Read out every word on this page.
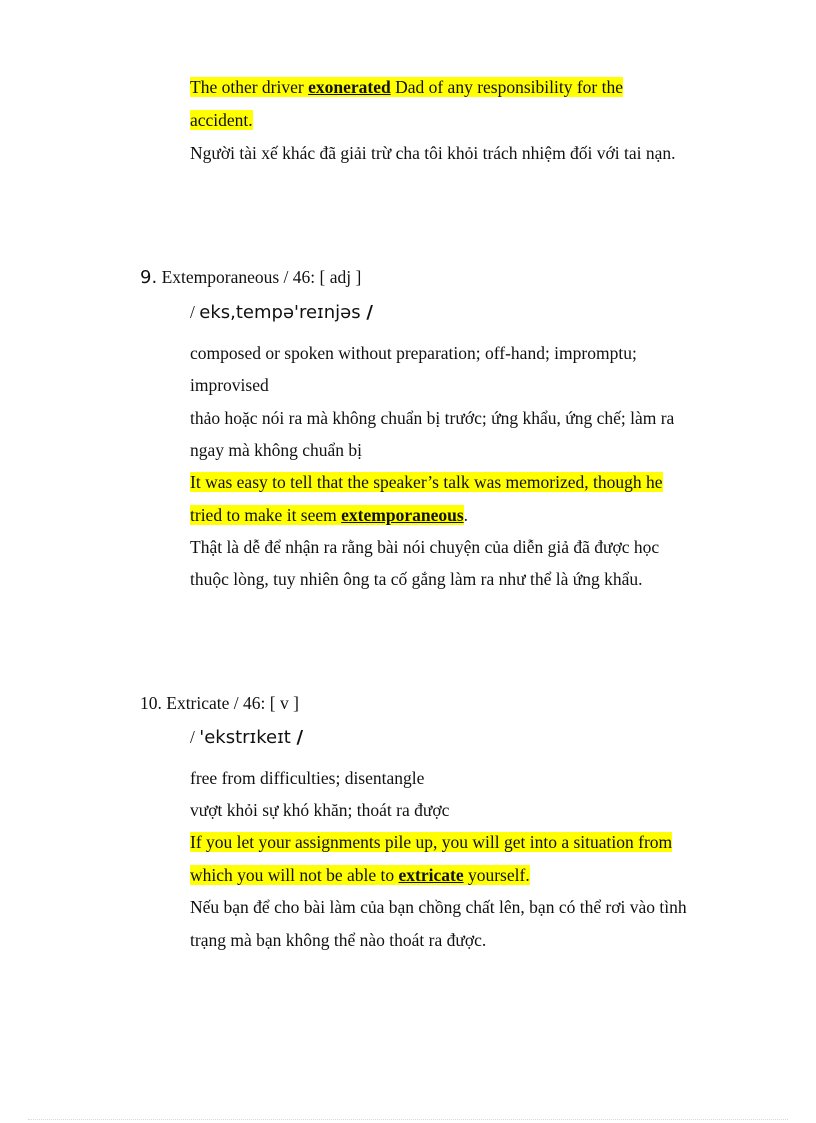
The other driver exonerated Dad of any responsibility for the
accident.
Người tài xế khác đã giải trừ cha tôi khỏi trách nhiệm đối với tai nạn.
9. Extemporaneous / 46: [ adj ]
/ eks,tempə'reɪnjəs /
composed or spoken without preparation; off-hand; impromptu;
improvised
thảo hoặc nói ra mà không chuẩn bị trước; ứng khẩu, ứng chế; làm ra
ngay mà không chuẩn bị
It was easy to tell that the speaker’s talk was memorized, though he
tried to make it seem extemporaneous.
Thật là dễ để nhận ra rằng bài nói chuyện của diễn giả đã được học
thuộc lòng, tuy nhiên ông ta cố gắng làm ra như thể là ứng khẩu.
10. Extricate / 46: [ v ]
/ 'ekstrɪkeɪt /
free from difficulties; disentangle
vượt khỏi sự khó khăn; thoát ra được
If you let your assignments pile up, you will get into a situation from
which you will not be able to extricate yourself.
Nếu bạn để cho bài làm của bạn chồng chất lên, bạn có thể rơi vào tình
trạng mà bạn không thể nào thoát ra được.
